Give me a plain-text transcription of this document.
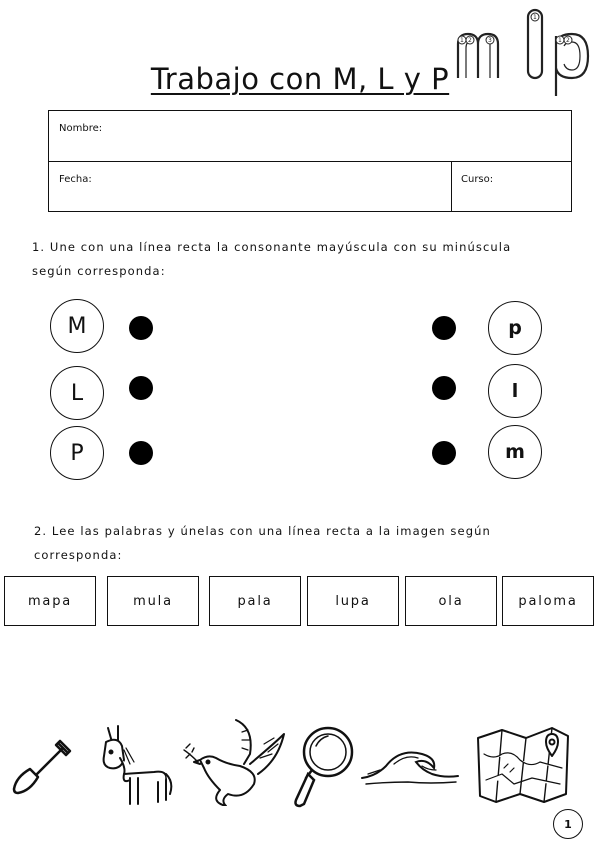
Trabajo con M, L y P
1 2	3
1
1 2
Nombre:
Fecha:	Curso:
1. Une con una línea recta la consonante mayúscula con su minúscula
según corresponda:
M
L
P
p
l
m
2. Lee las palabras y únelas con una línea recta a la imagen según
corresponda:
mapa	mula	pala	lupa	ola	paloma
1
